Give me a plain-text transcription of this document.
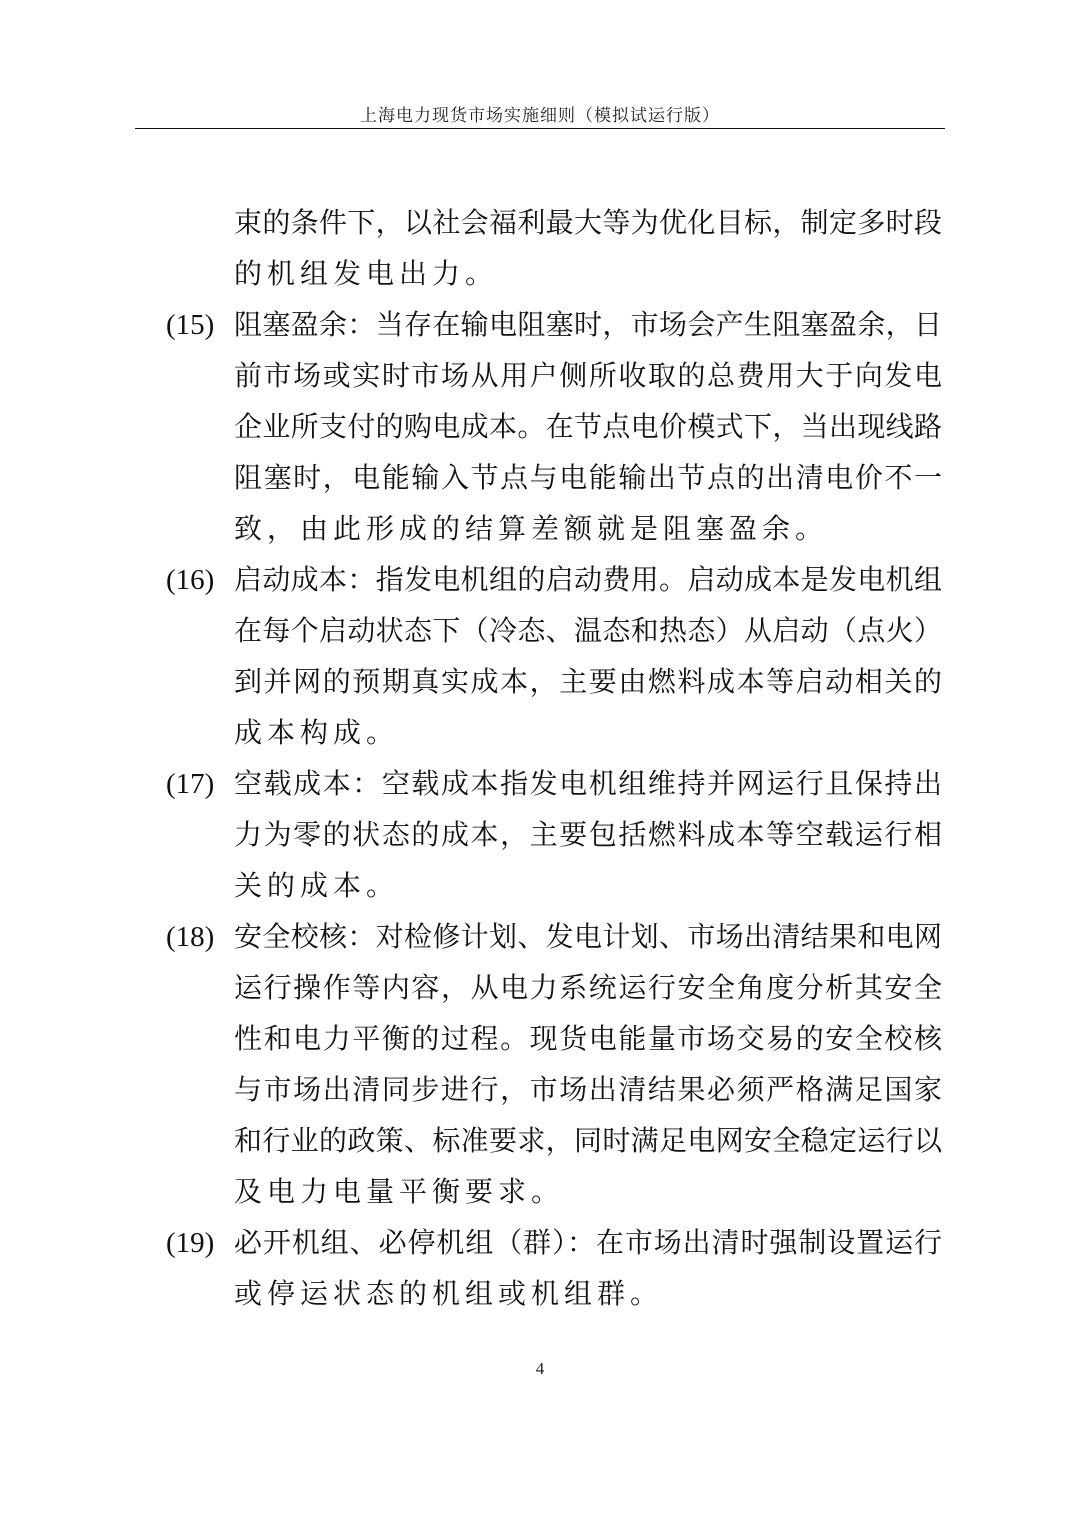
上海电力现货市场实施细则（模拟试运行版）
束的条件下，以社会福利最大等为优化目标，制定多时段
的机组发电出力。
(15) 阻塞盈余：当存在输电阻塞时，市场会产生阻塞盈余，日
前市场或实时市场从用户侧所收取的总费用大于向发电
企业所支付的购电成本。在节点电价模式下，当出现线路
阻塞时，电能输入节点与电能输出节点的出清电价不一
致，由此形成的结算差额就是阻塞盈余。
(16) 启动成本：指发电机组的启动费用。启动成本是发电机组
在每个启动状态下（冷态、温态和热态）从启动（点火）
到并网的预期真实成本，主要由燃料成本等启动相关的
成本构成。
(17) 空载成本：空载成本指发电机组维持并网运行且保持出
力为零的状态的成本，主要包括燃料成本等空载运行相
关的成本。
(18) 安全校核：对检修计划、发电计划、市场出清结果和电网
运行操作等内容，从电力系统运行安全角度分析其安全
性和电力平衡的过程。现货电能量市场交易的安全校核
与市场出清同步进行，市场出清结果必须严格满足国家
和行业的政策、标准要求，同时满足电网安全稳定运行以
及电力电量平衡要求。
(19) 必开机组、必停机组（群）：在市场出清时强制设置运行
或停运状态的机组或机组群。
4
